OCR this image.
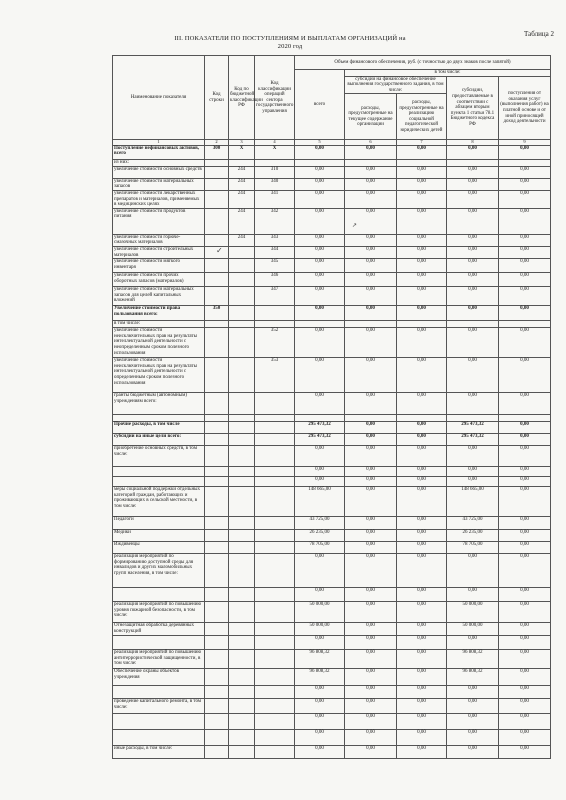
Таблица 2
III. ПОКАЗАТЕЛИ ПО ПОСТУПЛЕНИЯМ И ВЫПЛАТАМ ОРГАНИЗАЦИЙ на
2020 год
Наименование показателя	Код строки	Код по бюджетной классификации РФ	Код классификации операций сектора государственного управления	Объем финансового обеспечения, руб. (с точностью до двух знаков после запятой)				
				всего	в том числе:			
					субсидии на финансовое обеспечение выполнения государственного задания, в том числе:		субсидии, предоставляемые в соответствии с абзацем вторым пункта 1 статьи 78.1 Бюджетного кодекса РФ	поступления от оказания услуг (выполнения работ) на платной основе и от иной приносящей доход деятельности
					расходы, предусмотренные на текущее содержание организации	расходы, предусмотренные на реализацию социальной педагогической юридических детей		
1	2	3	4	5	6	7	8	9
Поступление нефинансовых активов, всего	300	X	X	0,00	0,00	0,00	0,00	0,00
из них:								
увеличение стоимости основных средств		244	310	0,00	0,00	0,00	0,00	0,00
увеличение стоимости материальных запасов		244	340	0,00	0,00	0,00	0,00	0,00
увеличение стоимости лекарственных препаратов и материалов, применяемых в медицинских целях		244	341	0,00	0,00	0,00	0,00	0,00
увеличение стоимости продуктов питания		244	342	0,00	0,00	0,00	0,00	0,00
увеличение стоимости горюче-смазочных материалов		244	343	0,00	0,00	0,00	0,00	0,00
увеличение стоимости строительных материалов			344	0,00	0,00	0,00	0,00	0,00
увеличение стоимости мягкого инвентаря			345	0,00	0,00	0,00	0,00	0,00
увеличение стоимости прочих оборотных запасов (материалов)			346	0,00	0,00	0,00	0,00	0,00
увеличение стоимости материальных запасов для целей капитальных вложений			347	0,00	0,00	0,00	0,00	0,00
Увеличение стоимости права пользования всего:	350			0,00	0,00	0,00	0,00	0,00
в том числе:								
увеличение стоимости неисключительных прав на результаты интеллектуальной деятельности с неопределенным сроком полезного использования			352	0,00	0,00	0,00	0,00	0,00
увеличение стоимости неисключительных прав на результаты интеллектуальной деятельности с определенным сроком полезного использования			353	0,00	0,00	0,00	0,00	0,00
гранты бюджетным (автономным) учреждениям всего:				0,00	0,00	0,00	0,00	0,00

Прочие расходы, в том числе				295 473,32	0,00	0,00	295 473,32	0,00
субсидии на иные цели всего:				295 473,32	0,00	0,00	295 473,32	0,00
приобретение основных средств, в том числе:				0,00	0,00	0,00	0,00	0,00
				0,00	0,00	0,00	0,00	0,00
				0,00	0,00	0,00	0,00	0,00
меры социальной поддержки отдельных категорий граждан, работающих и проживающих в сельской местности, в том числе:				148 665,00	0,00	0,00	148 665,00	0,00
Педагоги				43 725,00	0,00	0,00	43 725,00	0,00
Медики				26 235,00	0,00	0,00	26 235,00	0,00
Иждивенцы				78 705,00	0,00	0,00	78 705,00	0,00
реализация мероприятий по формированию доступной среды для инвалидов и других маломобильных групп населения, в том числе:				0,00	0,00	0,00	0,00	0,00
				0,00	0,00	0,00	0,00	0,00
реализация мероприятий по повышению уровня пожарной безопасности, в том числе:				50 000,00	0,00	0,00	50 000,00	0,00
Огнезащитная обработка деревянных конструкций				50 000,00	0,00	0,00	50 000,00	0,00
				0,00	0,00	0,00	0,00	0,00
реализация мероприятий по повышению антитеррористической защищенности, в том числе:				96 808,32	0,00	0,00	96 808,32	0,00
Обеспечение охраны объектов учреждения				96 808,32	0,00	0,00	96 808,32	0,00
				0,00	0,00	0,00	0,00	0,00
проведение капитального ремонта, в том числе:				0,00	0,00	0,00	0,00	0,00
				0,00	0,00	0,00	0,00	0,00
				0,00	0,00	0,00	0,00	0,00
иные расходы, в том числе:				0,00	0,00	0,00	0,00	0,00
✓
↗
